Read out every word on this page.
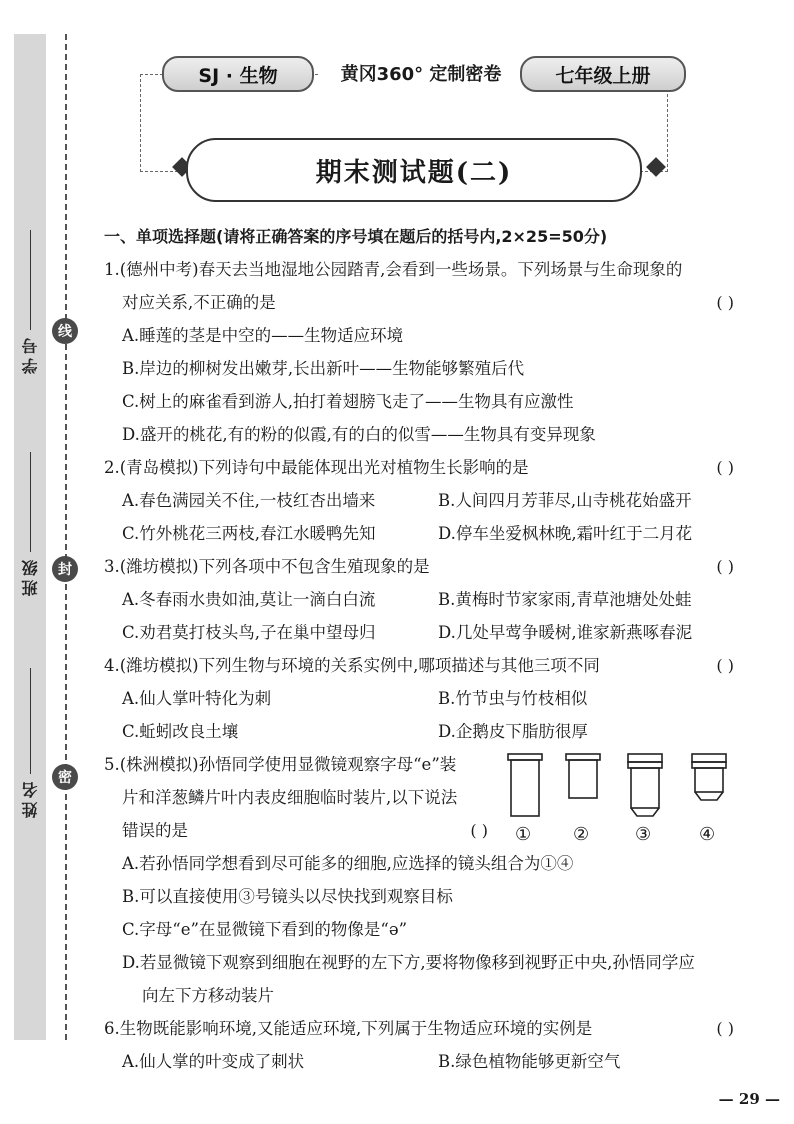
学号
班级
姓名
线
封
密
SJ · 生物	黄冈360° 定制密卷	七年级上册
期末测试题(二)
一、单项选择题(请将正确答案的序号填在题后的括号内,2×25=50分)
1.(德州中考)春天去当地湿地公园踏青,会看到一些场景。下列场景与生命现象的
对应关系,不正确的是	( )
A.睡莲的茎是中空的——生物适应环境
B.岸边的柳树发出嫩芽,长出新叶——生物能够繁殖后代
C.树上的麻雀看到游人,拍打着翅膀飞走了——生物具有应激性
D.盛开的桃花,有的粉的似霞,有的白的似雪——生物具有变异现象
2.(青岛模拟)下列诗句中最能体现出光对植物生长影响的是	( )
A.春色满园关不住,一枝红杏出墙来	B.人间四月芳菲尽,山寺桃花始盛开
C.竹外桃花三两枝,春江水暖鸭先知	D.停车坐爱枫林晚,霜叶红于二月花
3.(潍坊模拟)下列各项中不包含生殖现象的是	( )
A.冬春雨水贵如油,莫让一滴白白流	B.黄梅时节家家雨,青草池塘处处蛙
C.劝君莫打枝头鸟,子在巢中望母归	D.几处早莺争暖树,谁家新燕啄春泥
4.(潍坊模拟)下列生物与环境的关系实例中,哪项描述与其他三项不同	( )
A.仙人掌叶特化为刺	B.竹节虫与竹枝相似
C.蚯蚓改良土壤	D.企鹅皮下脂肪很厚
5.(株洲模拟)孙悟同学使用显微镜观察字母“e”装
片和洋葱鳞片叶内表皮细胞临时装片,以下说法
错误的是	( )
A.若孙悟同学想看到尽可能多的细胞,应选择的镜头组合为①④
B.可以直接使用③号镜头以尽快找到观察目标
C.字母“e”在显微镜下看到的物像是“ə”
D.若显微镜下观察到细胞在视野的左下方,要将物像移到视野正中央,孙悟同学应
向左下方移动装片
6.生物既能影响环境,又能适应环境,下列属于生物适应环境的实例是	( )
A.仙人掌的叶变成了刺状	B.绿色植物能够更新空气
① ②	③	④
— 29 —
